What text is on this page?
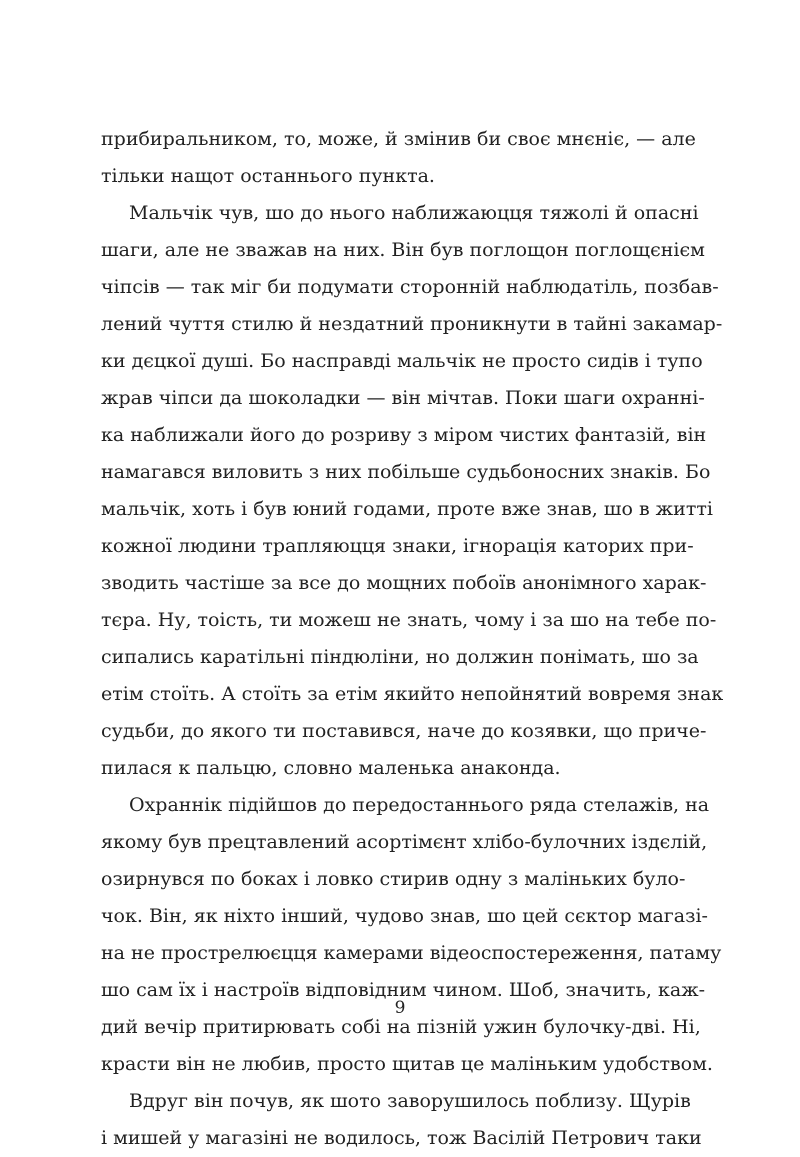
прибиральником, то, може, й змінив би своє мнєніє, — але
тільки нащот останнього пункта.
Мальчік чув, шо до нього наближаюцця тяжолі й опасні
шаги, але не зважав на них. Він був поглощон поглощєнієм
чіпсів — так міг би подумати сторонній наблюдатіль, позбав-
лений чуття стилю й нездатний проникнути в тайні закамар-
ки дєцкої душі. Бо насправді мальчік не просто сидів і тупо
жрав чіпси да шоколадки — він мічтав. Поки шаги охранні-
ка наближали його до розриву з міром чистих фантазій, він
намагався виловить з них побільше судьбоносних знаків. Бо
мальчік, хоть і був юний годами, проте вже знав, шо в житті
кожної людини трапляюцця знаки, ігнорація каторих при-
зводить частіше за все до мощних побоїв анонімного харак-
тєра. Ну, тоість, ти можеш не знать, чому і за шо на тебе по-
сипались каратільні піндюліни, но должин понімать, шо за
етім стоїть. А стоїть за етім якийто непойнятий вовремя знак
судьби, до якого ти поставився, наче до козявки, що приче-
пилася к пальцю, словно маленька анаконда.
Охраннік підійшов до передостаннього ряда стелажів, на
якому був прецтавлений асортімєнт хлібо-булочних іздєлій,
озирнувся по боках і ловко стирив одну з маліньких було-
чок. Він, як ніхто інший, чудово знав, шо цей сєктор магазі-
на не прострелюєцця камерами відеоспостереження, патаму
шо сам їх і настроїв відповідним чином. Шоб, значить, каж-
дий вечір притирювать собі на пізній ужин булочку-дві. Ні,
красти він не любив, просто щитав це маліньким удобством.
Вдруг він почув, як шото заворушилось поблизу. Щурів
і мишей у магазіні не водилось, тож Васілій Петрович таки
9
